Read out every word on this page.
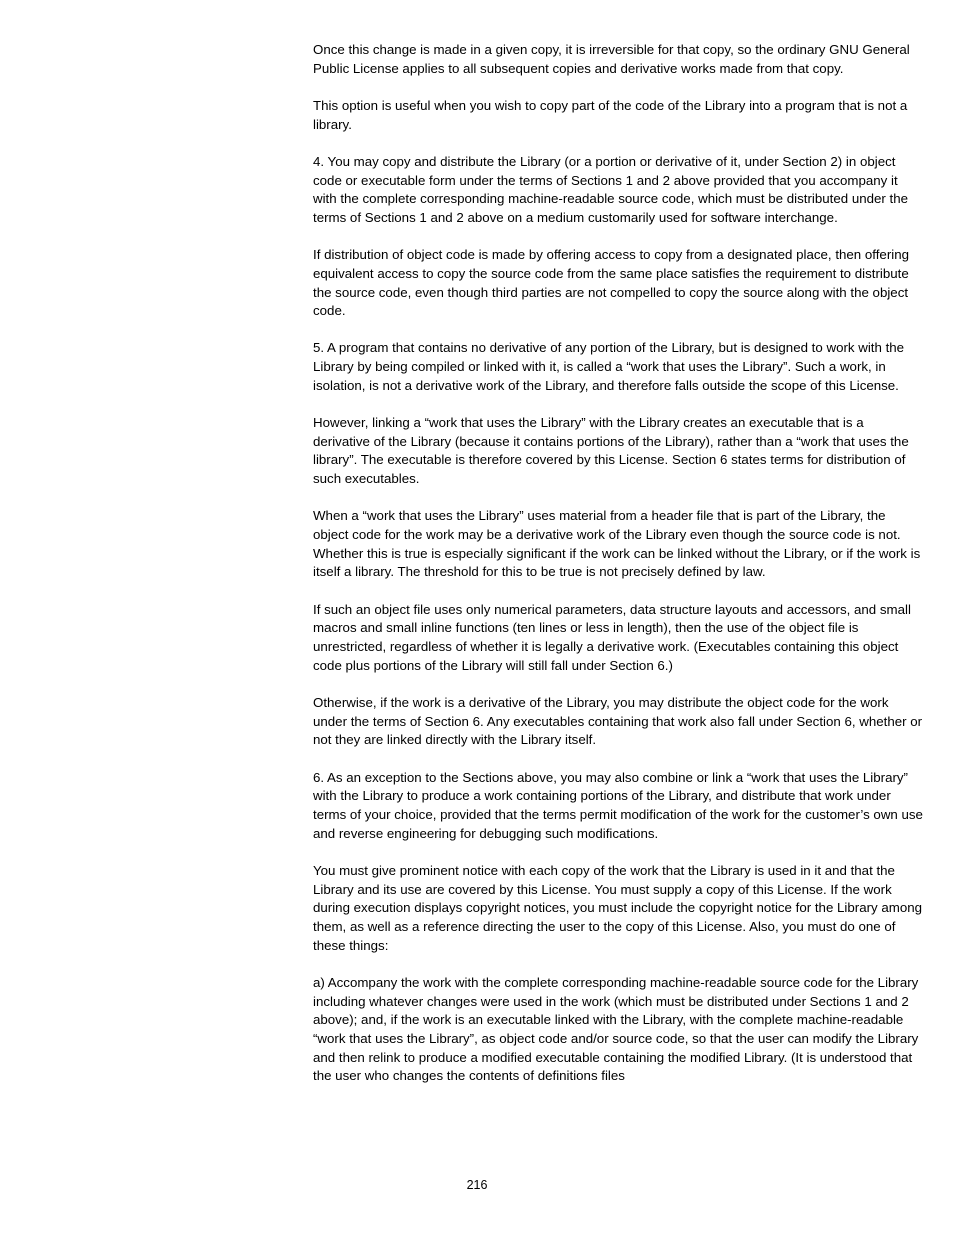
Once this change is made in a given copy, it is irreversible for that copy, so the ordinary GNU General Public License applies to all subsequent copies and derivative works made from that copy.

This option is useful when you wish to copy part of the code of the Library into a program that is not a library.

4. You may copy and distribute the Library (or a portion or derivative of it, under Section 2) in object code or executable form under the terms of Sections 1 and 2 above provided that you accompany it with the complete corresponding machine-readable source code, which must be distributed under the terms of Sections 1 and 2 above on a medium customarily used for software interchange.

If distribution of object code is made by offering access to copy from a designated place, then offering equivalent access to copy the source code from the same place satisfies the requirement to distribute the source code, even though third parties are not compelled to copy the source along with the object code.

5. A program that contains no derivative of any portion of the Library, but is designed to work with the Library by being compiled or linked with it, is called a “work that uses the Library”. Such a work, in isolation, is not a derivative work of the Library, and therefore falls outside the scope of this License.

However, linking a “work that uses the Library” with the Library creates an executable that is a derivative of the Library (because it contains portions of the Library), rather than a “work that uses the library”. The executable is therefore covered by this License. Section 6 states terms for distribution of such executables.

When a “work that uses the Library” uses material from a header file that is part of the Library, the object code for the work may be a derivative work of the Library even though the source code is not. Whether this is true is especially significant if the work can be linked without the Library, or if the work is itself a library. The threshold for this to be true is not precisely defined by law.

If such an object file uses only numerical parameters, data structure layouts and accessors, and small macros and small inline functions (ten lines or less in length), then the use of the object file is unrestricted, regardless of whether it is legally a derivative work. (Executables containing this object code plus portions of the Library will still fall under Section 6.)

Otherwise, if the work is a derivative of the Library, you may distribute the object code for the work under the terms of Section 6. Any executables containing that work also fall under Section 6, whether or not they are linked directly with the Library itself.

6. As an exception to the Sections above, you may also combine or link a “work that uses the Library” with the Library to produce a work containing portions of the Library, and distribute that work under terms of your choice, provided that the terms permit modification of the work for the customer’s own use and reverse engineering for debugging such modifications.

You must give prominent notice with each copy of the work that the Library is used in it and that the Library and its use are covered by this License. You must supply a copy of this License. If the work during execution displays copyright notices, you must include the copyright notice for the Library among them, as well as a reference directing the user to the copy of this License. Also, you must do one of these things:

a) Accompany the work with the complete corresponding machine-readable source code for the Library including whatever changes were used in the work (which must be distributed under Sections 1 and 2 above); and, if the work is an executable linked with the Library, with the complete machine-readable “work that uses the Library”, as object code and/or source code, so that the user can modify the Library and then relink to produce a modified executable containing the modified Library. (It is understood that the user who changes the contents of definitions files

216
